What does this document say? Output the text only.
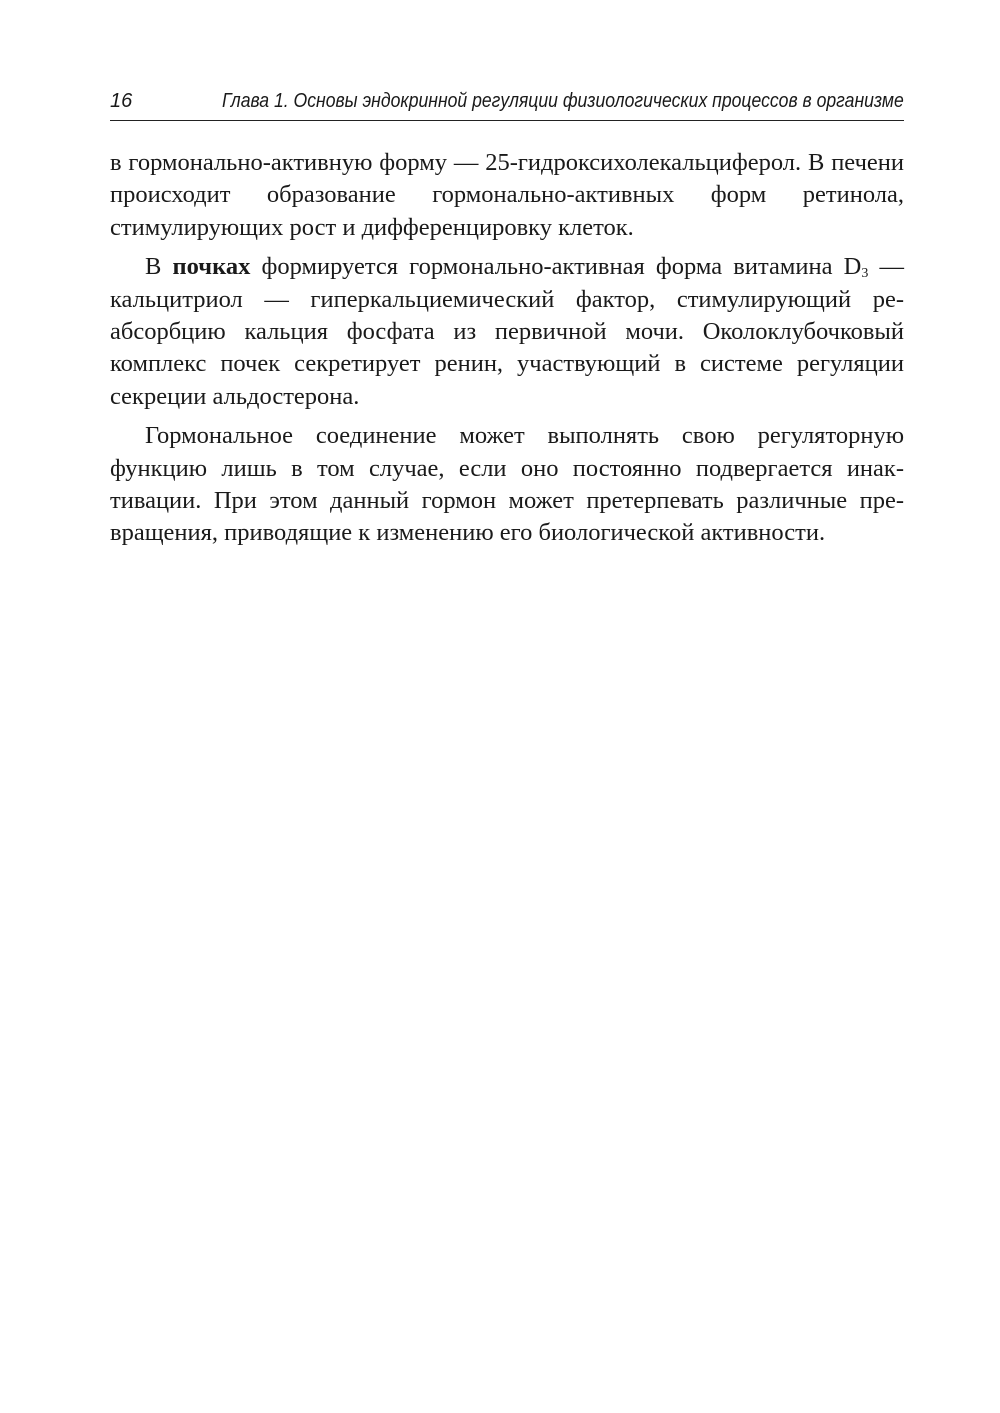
16	Глава 1. Основы эндокринной регуляции физиологических процессов в организме

в гормонально-активную форму — 25-гидроксихолекальциферол. В печени происходит образование гормонально-активных форм ретинола, стимулирующих рост и дифференцировку клеток.

В почках формируется гормонально-активная форма витамина $D_3$ — кальцитриол — гиперкальциемический фактор, стимулирующий реабсорбцию кальция фосфата из первичной мочи. Околоклубочковый комплекс почек секретирует ренин, участвующий в системе регуляции секреции альдостерона.

Гормональное соединение может выполнять свою регуляторную функцию лишь в том случае, если оно постоянно подвергается инактивации. При этом данный гормон может претерпевать различные превращения, приводящие к изменению его биологической активности.
